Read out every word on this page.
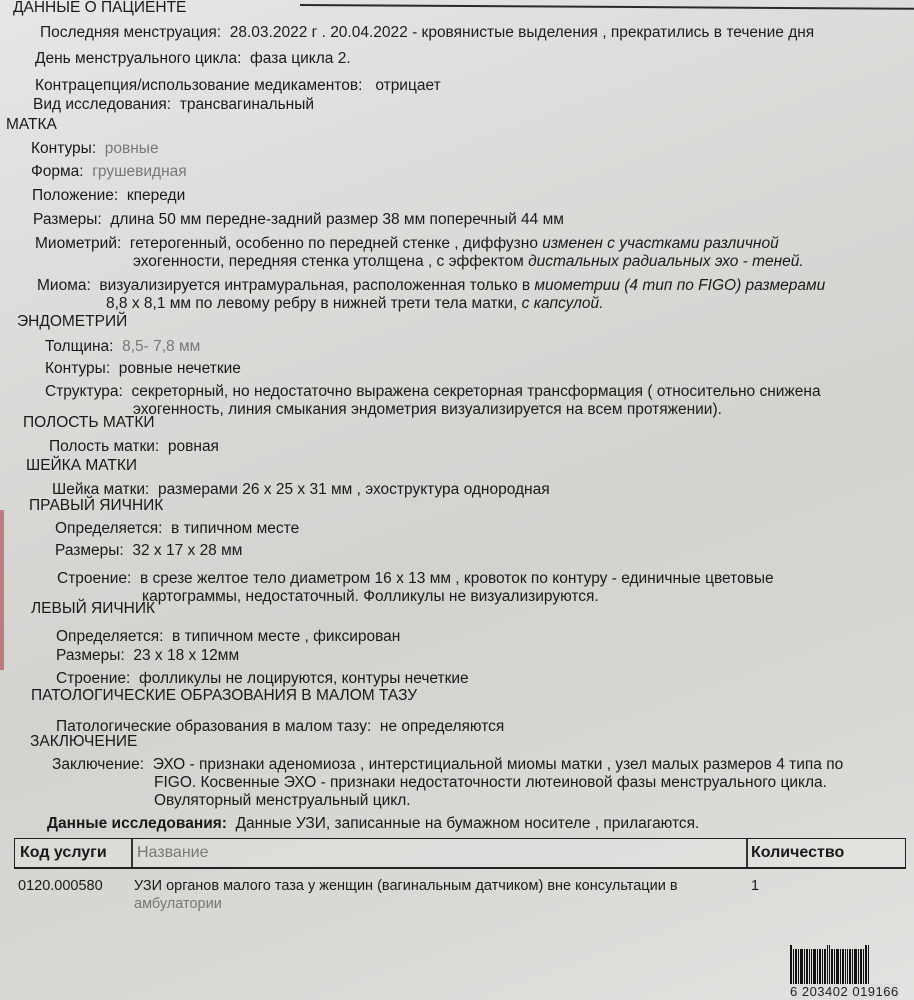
ДАННЫЕ О ПАЦИЕНТЕ
Последняя менструация: 28.03.2022 г . 20.04.2022 - кровянистые выделения , прекратились в течение дня
День менструального цикла: фаза цикла 2.
Контрацепция/использование медикаментов: отрицает
Вид исследования: трансвагинальный
МАТКА
Контуры: ровные
Форма: грушевидная
Положение: кпереди
Размеры: длина 50 мм передне-задний размер 38 мм поперечный 44 мм
Миометрий: гетерогенный, особенно по передней стенке , диффузно изменен с участками различной
эхогенности, передняя стенка утолщена , с эффектом дистальных радиальных эхо - теней.
Миома: визуализируется интрамуральная, расположенная только в миометрии (4 тип по FIGO) размерами
8,8 x 8,1 мм по левому ребру в нижней трети тела матки, с капсулой.
ЭНДОМЕТРИЙ
Толщина: 8,5- 7,8 мм
Контуры: ровные нечеткие
Структура: секреторный, но недостаточно выражена секреторная трансформация ( относительно снижена
эхогенность, линия смыкания эндометрия визуализируется на всем протяжении).
ПОЛОСТЬ МАТКИ
Полость матки: ровная
ШЕЙКА МАТКИ
Шейка матки: размерами 26 x 25 x 31 мм , эхоструктура однородная
ПРАВЫЙ ЯИЧНИК
Определяется: в типичном месте
Размеры: 32 x 17 x 28 мм
Строение: в срезе желтое тело диаметром 16 x 13 мм , кровоток по контуру - единичные цветовые
картограммы, недостаточный. Фолликулы не визуализируются.
ЛЕВЫЙ ЯИЧНИК
Определяется: в типичном месте , фиксирован
Размеры: 23 x 18 x 12мм
Строение: фолликулы не лоцируются, контуры нечеткие
ПАТОЛОГИЧЕСКИЕ ОБРАЗОВАНИЯ В МАЛОМ ТАЗУ
Патологические образования в малом тазу: не определяются
ЗАКЛЮЧЕНИЕ
Заключение: ЭХО - признаки аденомиоза , интерстициальной миомы матки , узел малых размеров 4 типа по
FIGO. Косвенные ЭХО - признаки недостаточности лютеиновой фазы менструального цикла.
Овуляторный менструальный цикл.
Данные исследования: Данные УЗИ, записанные на бумажном носителе , прилагаются.
Код услуги Название	Количество
0120.000580 УЗИ органов малого таза у женщин (вагинальным датчиком) вне консультации в
амбулатории
1
6 203402 019166
